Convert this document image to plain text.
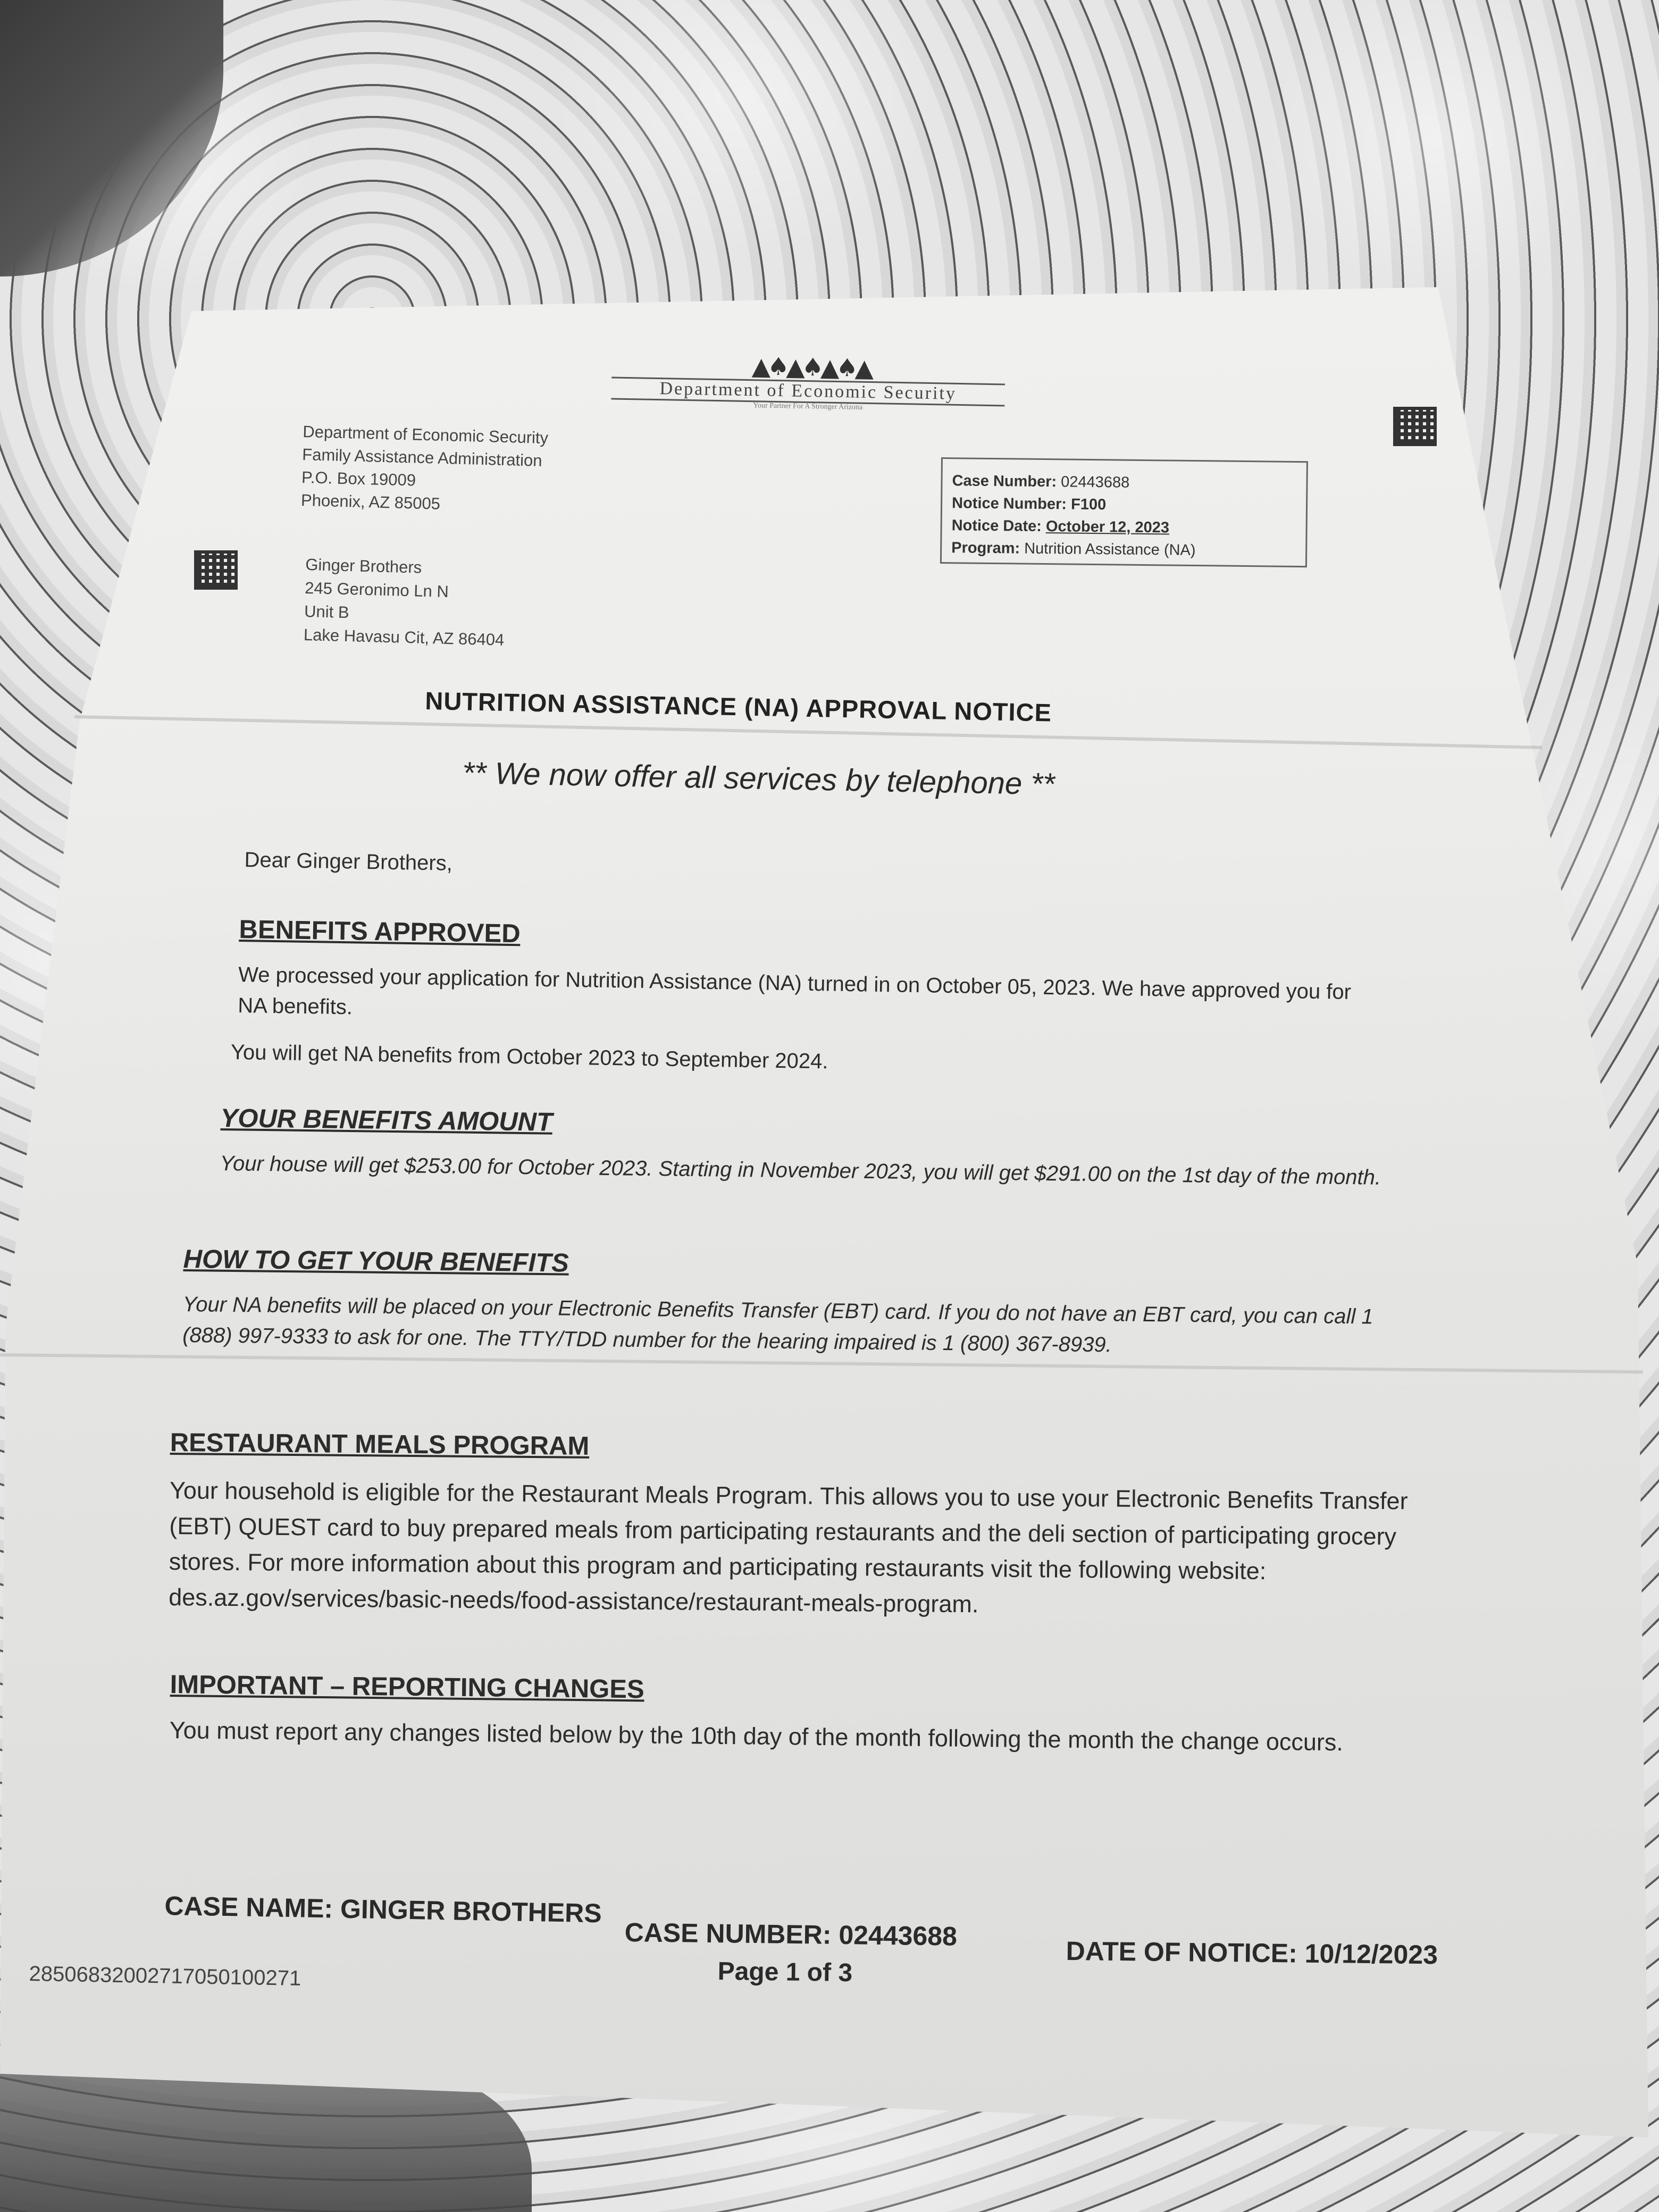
▲♠▲♠▲♠▲
Department of Economic Security
Your Partner For A Stronger Arizona
Department of Economic Security
Family Assistance Administration
P.O. Box 19009
Phoenix, AZ 85005
Case Number: 02443688
Notice Number: F100
Notice Date: October 12, 2023
Program: Nutrition Assistance (NA)
Ginger Brothers
245 Geronimo Ln N
Unit B
Lake Havasu Cit, AZ 86404
NUTRITION ASSISTANCE (NA) APPROVAL NOTICE
** We now offer all services by telephone **
Dear Ginger Brothers,
BENEFITS APPROVED

We processed your application for Nutrition Assistance (NA) turned in on October 05, 2023. We have approved you for NA benefits.

You will get NA benefits from October 2023 to September 2024.

YOUR BENEFITS AMOUNT

Your house will get $253.00 for October 2023. Starting in November 2023, you will get $291.00 on the 1st day of the month.

HOW TO GET YOUR BENEFITS

Your NA benefits will be placed on your Electronic Benefits Transfer (EBT) card. If you do not have an EBT card, you can call 1 (888) 997-9333 to ask for one. The TTY/TDD number for the hearing impaired is 1 (800) 367-8939.

RESTAURANT MEALS PROGRAM

Your household is eligible for the Restaurant Meals Program. This allows you to use your Electronic Benefits Transfer (EBT) QUEST card to buy prepared meals from participating restaurants and the deli section of participating grocery stores. For more information about this program and participating restaurants visit the following website: des.az.gov/services/basic-needs/food-assistance/restaurant-meals-program.

IMPORTANT – REPORTING CHANGES

You must report any changes listed below by the 10th day of the month following the month the change occurs.

CASE NAME: GINGER BROTHERS
CASE NUMBER: 02443688
Page 1 of 3
DATE OF NOTICE: 10/12/2023
28506832002717050100271
